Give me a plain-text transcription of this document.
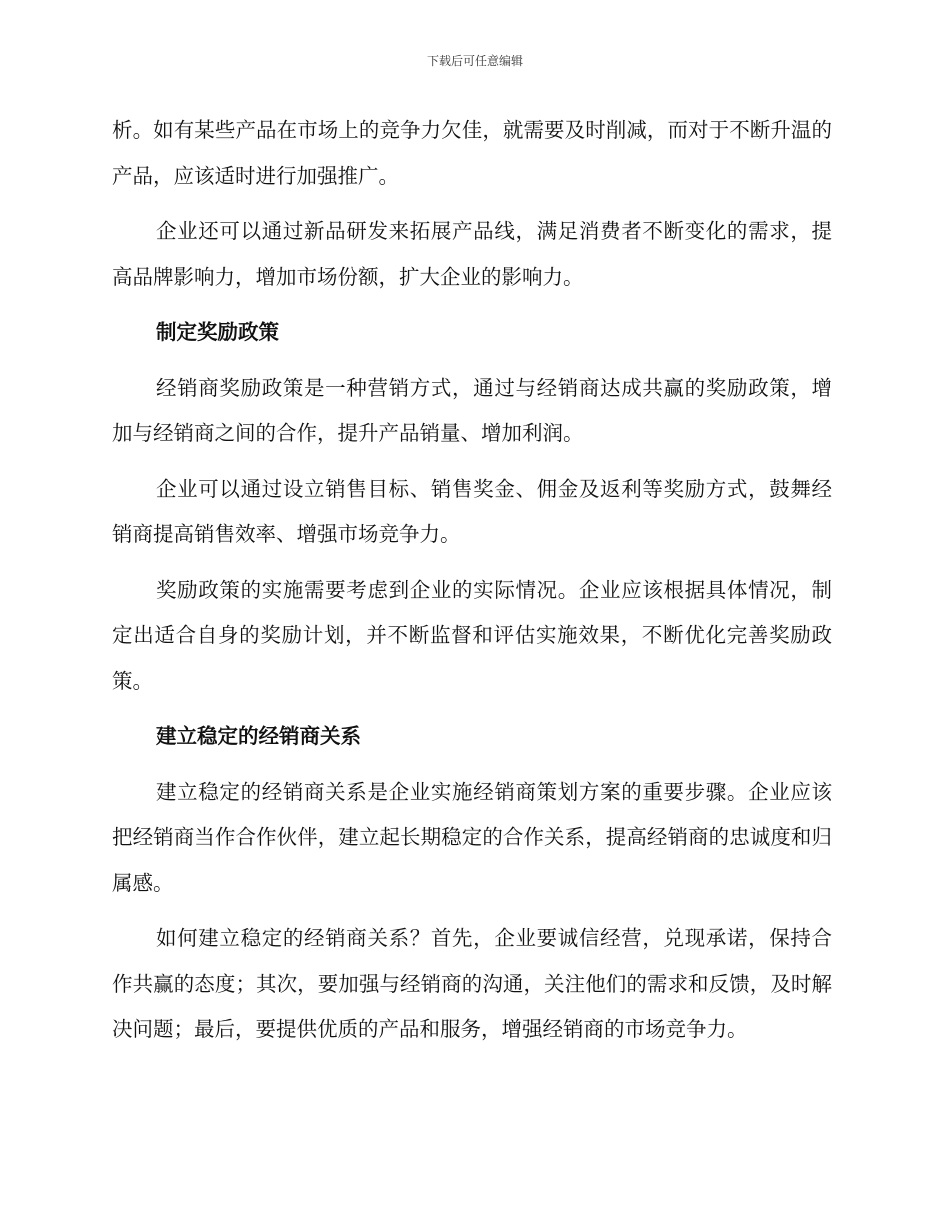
下载后可任意编辑

析。如有某些产品在市场上的竞争力欠佳，就需要及时削减，而对于不断升温的产品，应该适时进行加强推广。

企业还可以通过新品研发来拓展产品线，满足消费者不断变化的需求，提高品牌影响力，增加市场份额，扩大企业的影响力。

制定奖励政策

经销商奖励政策是一种营销方式，通过与经销商达成共赢的奖励政策，增加与经销商之间的合作，提升产品销量、增加利润。

企业可以通过设立销售目标、销售奖金、佣金及返利等奖励方式，鼓舞经销商提高销售效率、增强市场竞争力。

奖励政策的实施需要考虑到企业的实际情况。企业应该根据具体情况，制定出适合自身的奖励计划，并不断监督和评估实施效果，不断优化完善奖励政策。

建立稳定的经销商关系

建立稳定的经销商关系是企业实施经销商策划方案的重要步骤。企业应该把经销商当作合作伙伴，建立起长期稳定的合作关系，提高经销商的忠诚度和归属感。

如何建立稳定的经销商关系？首先，企业要诚信经营，兑现承诺，保持合作共赢的态度；其次，要加强与经销商的沟通，关注他们的需求和反馈，及时解决问题；最后，要提供优质的产品和服务，增强经销商的市场竞争力。
